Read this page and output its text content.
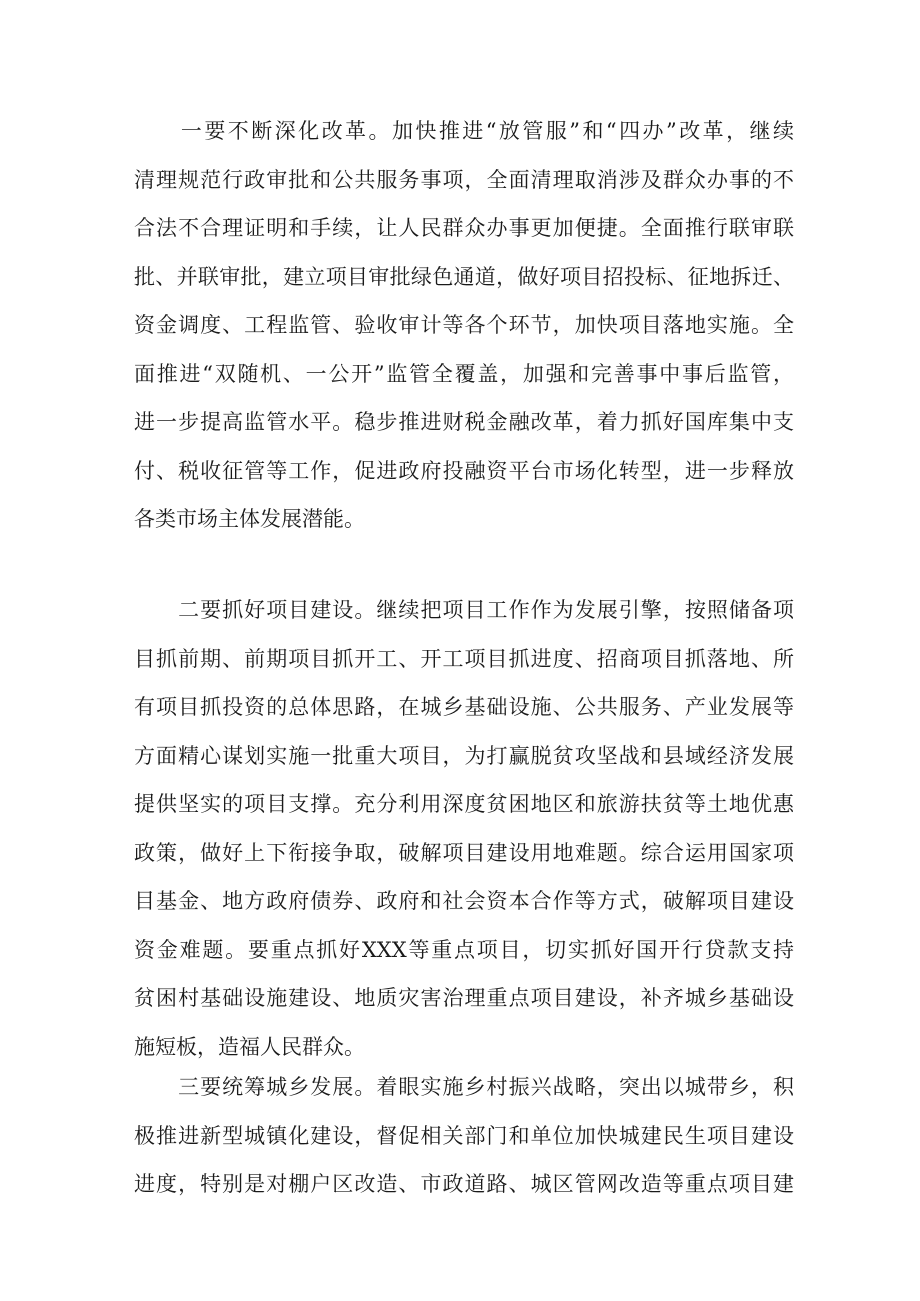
　　一要不断深化改革。加快推进“放管服”和“四办”改革，继续
清理规范行政审批和公共服务事项，全面清理取消涉及群众办事的不
合法不合理证明和手续，让人民群众办事更加便捷。全面推行联审联
批、并联审批，建立项目审批绿色通道，做好项目招投标、征地拆迁、
资金调度、工程监管、验收审计等各个环节，加快项目落地实施。全
面推进“双随机、一公开”监管全覆盖，加强和完善事中事后监管，
进一步提高监管水平。稳步推进财税金融改革，着力抓好国库集中支
付、税收征管等工作，促进政府投融资平台市场化转型，进一步释放
各类市场主体发展潜能。
　　二要抓好项目建设。继续把项目工作作为发展引擎，按照储备项
目抓前期、前期项目抓开工、开工项目抓进度、招商项目抓落地、所
有项目抓投资的总体思路，在城乡基础设施、公共服务、产业发展等
方面精心谋划实施一批重大项目，为打赢脱贫攻坚战和县域经济发展
提供坚实的项目支撑。充分利用深度贫困地区和旅游扶贫等土地优惠
政策，做好上下衔接争取，破解项目建设用地难题。综合运用国家项
目基金、地方政府债券、政府和社会资本合作等方式，破解项目建设
资金难题。要重点抓好XXX等重点项目，切实抓好国开行贷款支持
贫困村基础设施建设、地质灾害治理重点项目建设，补齐城乡基础设
施短板，造福人民群众。
　　三要统筹城乡发展。着眼实施乡村振兴战略，突出以城带乡，积
极推进新型城镇化建设，督促相关部门和单位加快城建民生项目建设
进度，特别是对棚户区改造、市政道路、城区管网改造等重点项目建
